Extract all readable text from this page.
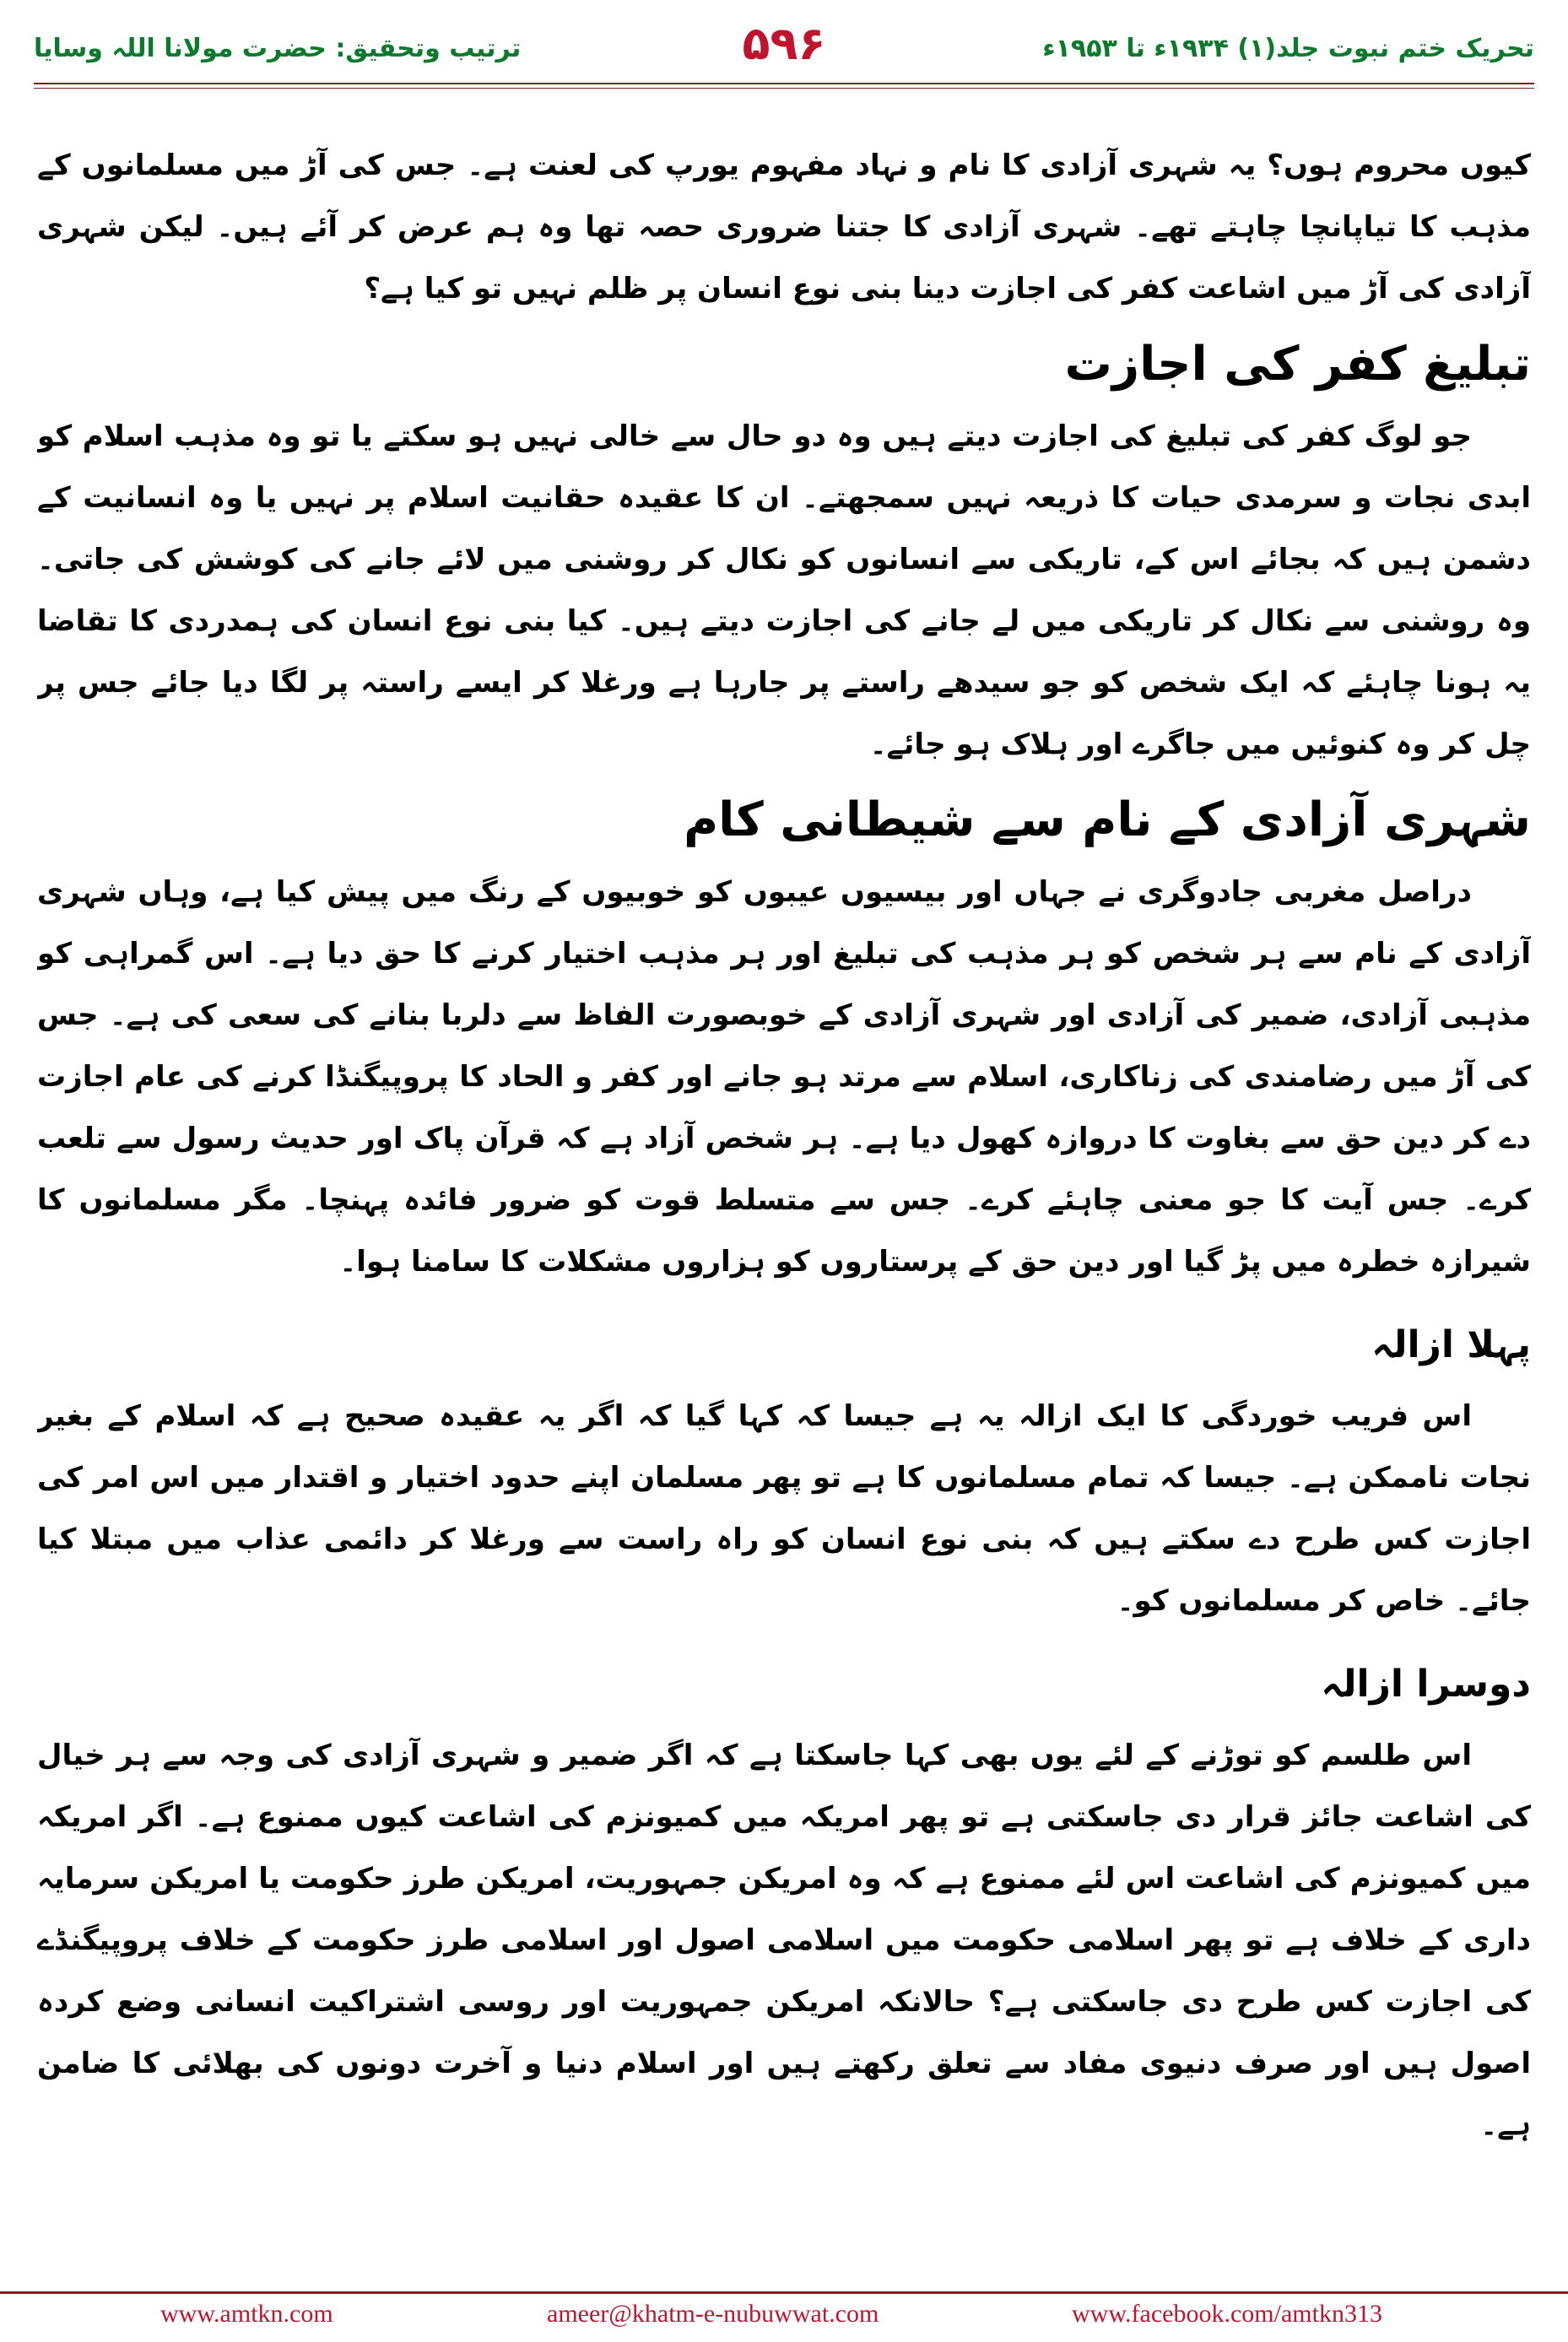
ترتیب وتحقیق: حضرت مولانا اللہ وسایا	۵۹۶	تحریک ختم نبوت جلد(۱) ۱۹۳۴ء تا ۱۹۵۳ء

کیوں محروم ہوں؟ یہ شہری آزادی کا نام و نہاد مفہوم یورپ کی لعنت ہے۔ جس کی آڑ میں مسلمانوں کے مذہب کا تیاپانچا چاہتے تھے۔ شہری آزادی کا جتنا ضروری حصہ تھا وہ ہم عرض کر آئے ہیں۔ لیکن شہری آزادی کی آڑ میں اشاعت کفر کی اجازت دینا بنی نوع انسان پر ظلم نہیں تو کیا ہے؟

تبلیغ کفر کی اجازت

جو لوگ کفر کی تبلیغ کی اجازت دیتے ہیں وہ دو حال سے خالی نہیں ہو سکتے یا تو وہ مذہب اسلام کو ابدی نجات و سرمدی حیات کا ذریعہ نہیں سمجھتے۔ ان کا عقیدہ حقانیت اسلام پر نہیں یا وہ انسانیت کے دشمن ہیں کہ بجائے اس کے، تاریکی سے انسانوں کو نکال کر روشنی میں لائے جانے کی کوشش کی جاتی۔ وہ روشنی سے نکال کر تاریکی میں لے جانے کی اجازت دیتے ہیں۔ کیا بنی نوع انسان کی ہمدردی کا تقاضا یہ ہونا چاہئے کہ ایک شخص کو جو سیدھے راستے پر جارہا ہے ورغلا کر ایسے راستہ پر لگا دیا جائے جس پر چل کر وہ کنوئیں میں جاگرے اور ہلاک ہو جائے۔

شہری آزادی کے نام سے شیطانی کام

دراصل مغربی جادوگری نے جہاں اور بیسیوں عیبوں کو خوبیوں کے رنگ میں پیش کیا ہے، وہاں شہری آزادی کے نام سے ہر شخص کو ہر مذہب کی تبلیغ اور ہر مذہب اختیار کرنے کا حق دیا ہے۔ اس گمراہی کو مذہبی آزادی، ضمیر کی آزادی اور شہری آزادی کے خوبصورت الفاظ سے دلربا بنانے کی سعی کی ہے۔ جس کی آڑ میں رضامندی کی زناکاری، اسلام سے مرتد ہو جانے اور کفر و الحاد کا پروپیگنڈا کرنے کی عام اجازت دے کر دین حق سے بغاوت کا دروازہ کھول دیا ہے۔ ہر شخص آزاد ہے کہ قرآن پاک اور حدیث رسول سے تلعب کرے۔ جس آیت کا جو معنی چاہئے کرے۔ جس سے متسلط قوت کو ضرور فائدہ پہنچا۔ مگر مسلمانوں کا شیرازہ خطرہ میں پڑ گیا اور دین حق کے پرستاروں کو ہزاروں مشکلات کا سامنا ہوا۔

پہلا ازالہ

اس فریب خوردگی کا ایک ازالہ یہ ہے جیسا کہ کہا گیا کہ اگر یہ عقیدہ صحیح ہے کہ اسلام کے بغیر نجات ناممکن ہے۔ جیسا کہ تمام مسلمانوں کا ہے تو پھر مسلمان اپنے حدود اختیار و اقتدار میں اس امر کی اجازت کس طرح دے سکتے ہیں کہ بنی نوع انسان کو راہ راست سے ورغلا کر دائمی عذاب میں مبتلا کیا جائے۔ خاص کر مسلمانوں کو۔

دوسرا ازالہ

اس طلسم کو توڑنے کے لئے یوں بھی کہا جاسکتا ہے کہ اگر ضمیر و شہری آزادی کی وجہ سے ہر خیال کی اشاعت جائز قرار دی جاسکتی ہے تو پھر امریکہ میں کمیونزم کی اشاعت کیوں ممنوع ہے۔ اگر امریکہ میں کمیونزم کی اشاعت اس لئے ممنوع ہے کہ وہ امریکن جمہوریت، امریکن طرز حکومت یا امریکن سرمایہ داری کے خلاف ہے تو پھر اسلامی حکومت میں اسلامی اصول اور اسلامی طرز حکومت کے خلاف پروپیگنڈے کی اجازت کس طرح دی جاسکتی ہے؟ حالانکہ امریکن جمہوریت اور روسی اشتراکیت انسانی وضع کردہ اصول ہیں اور صرف دنیوی مفاد سے تعلق رکھتے ہیں اور اسلام دنیا و آخرت دونوں کی بھلائی کا ضامن ہے۔

www.amtkn.com	ameer@khatm-e-nubuwwat.com	www.facebook.com/amtkn313
